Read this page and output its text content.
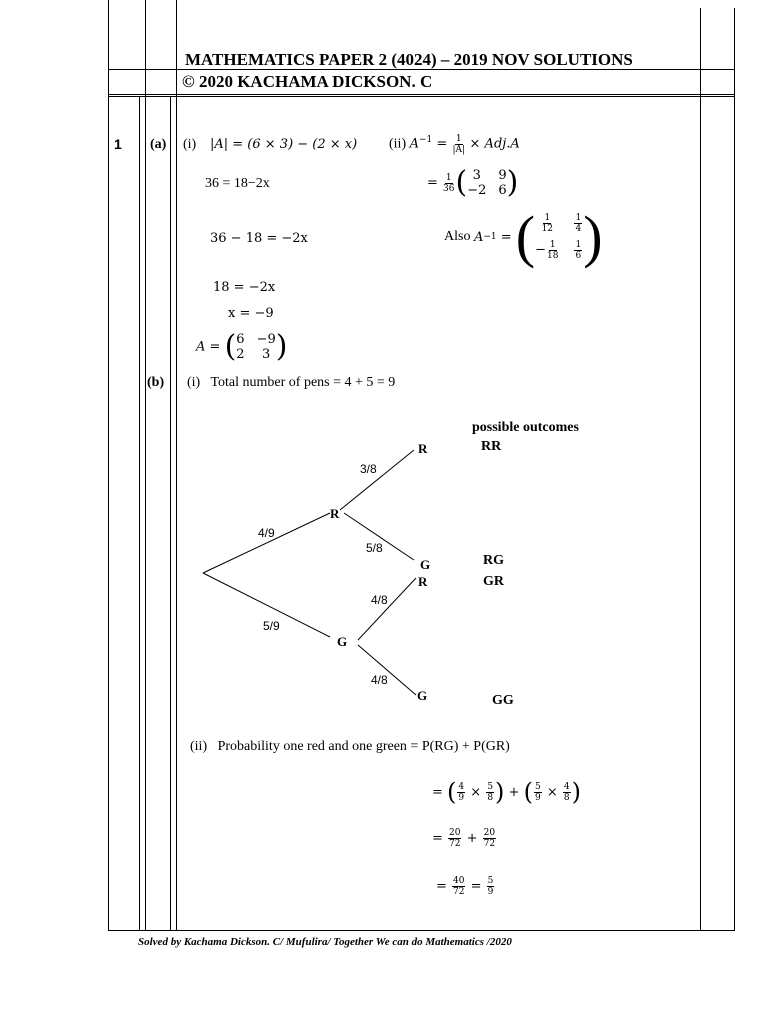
MATHEMATICS PAPER 2 (4024) – 2019 NOV SOLUTIONS
© 2020 KACHAMA DICKSON. C
1 (a)
(b)
(i) |A| = (6 × 3) − (2 × x)
36 = 18−2x
36 − 18 = −2x
18 = −2x
x = −9
A = ( 6 −9
2	3 )
(ii) $A^{-1} = \frac{1}{|A|} \times Adj.A$
= $\frac{1}{36}$ ( 3	9
−2 6 )
Also
A −1 = ( $\frac{1}{12} \frac{1}{4}$
− $\frac{1}{18} \frac{1}{6}$ )
(i)   Total number of pens = 4 + 5 = 9
possible outcomes
RR
RG
GR
GG
4/9
5/9
3/8
5/8
4/8
4/8
R
G
R
G
R
G
(ii)   Probability one red and one green = P(RG) + P(GR)
= ( $\frac{4}{9} \times \frac{5}{8}$ ) + ( $\frac{5}{9} \times \frac{4}{8}$ )
= $\frac{20}{72} + \frac{20}{72}$
= $\frac{40}{72} = \frac{5}{9}$
Solved by Kachama Dickson. C/ Mufulira/ Together We can do Mathematics /2020
